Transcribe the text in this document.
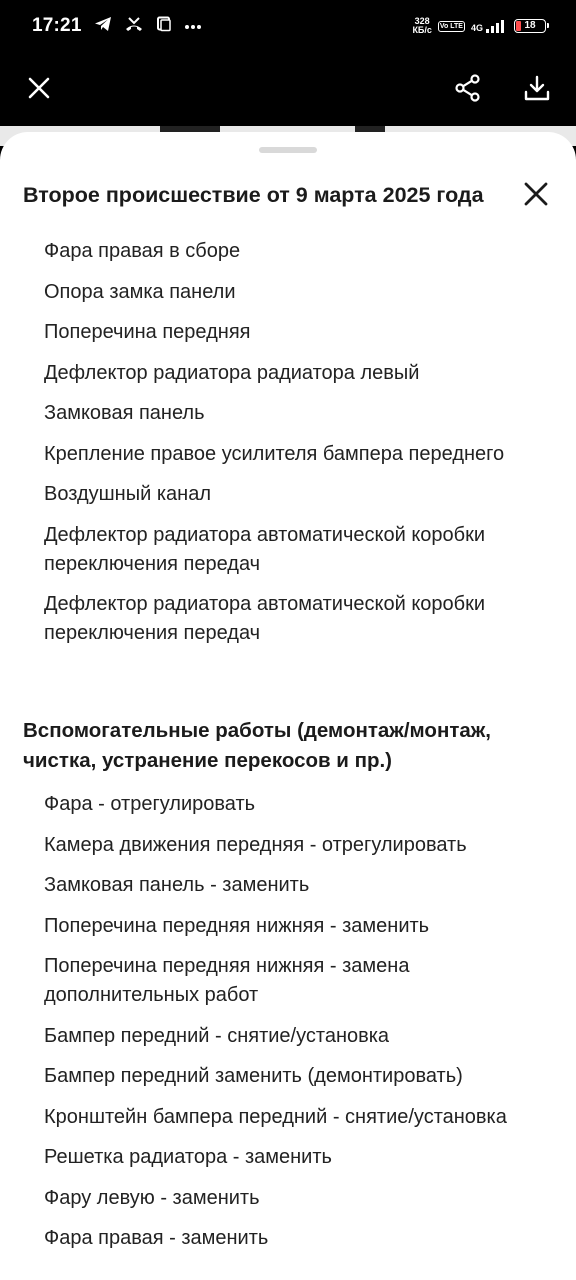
17:21	328
КБ/с Vo LTE 4G	18
Второе происшествие от 9 марта 2025 года
Фара правая в сборе
Опора замка панели
Поперечина передняя
Дефлектор радиатора радиатора левый
Замковая панель
Крепление правое усилителя бампера переднего
Воздушный канал
Дефлектор радиатора автоматической коробки переключения передач
Дефлектор радиатора автоматической коробки переключения передач
Вспомогательные работы (демонтаж/монтаж, чистка, устранение перекосов и пр.)
Фара - отрегулировать
Камера движения передняя - отрегулировать
Замковая панель - заменить
Поперечина передняя нижняя - заменить
Поперечина передняя нижняя - замена дополнительных работ
Бампер передний - снятие/установка
Бампер передний заменить (демонтировать)
Кронштейн бампера передний - снятие/установка
Решетка радиатора - заменить
Фару левую - заменить
Фара правая - заменить
